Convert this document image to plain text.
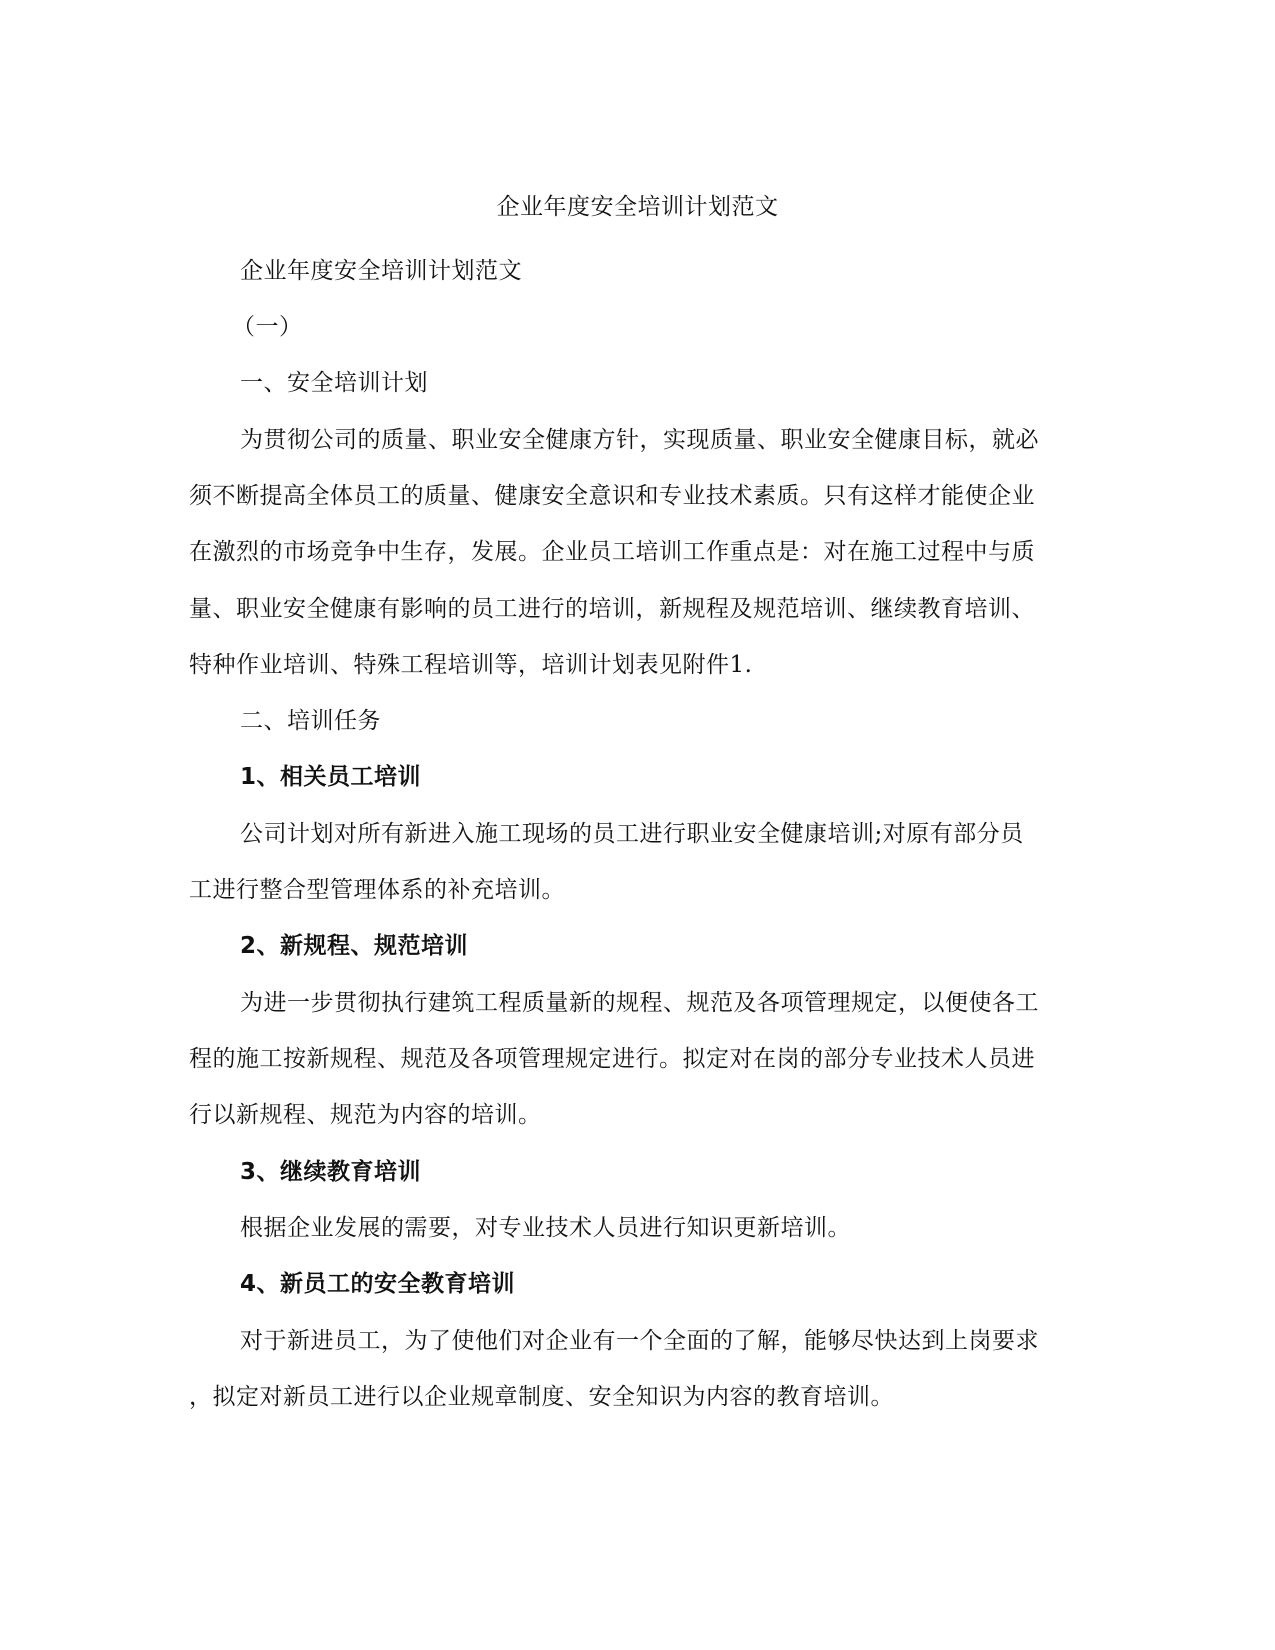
企业年度安全培训计划范文
企业年度安全培训计划范文
（一）
一、安全培训计划
为贯彻公司的质量、职业安全健康方针，实现质量、职业安全健康目标，就必
须不断提高全体员工的质量、健康安全意识和专业技术素质。只有这样才能使企业
在激烈的市场竞争中生存，发展。企业员工培训工作重点是：对在施工过程中与质
量、职业安全健康有影响的员工进行的培训，新规程及规范培训、继续教育培训、
特种作业培训、特殊工程培训等，培训计划表见附件1.
二、培训任务
1、相关员工培训
公司计划对所有新进入施工现场的员工进行职业安全健康培训;对原有部分员
工进行整合型管理体系的补充培训。
2、新规程、规范培训
为进一步贯彻执行建筑工程质量新的规程、规范及各项管理规定，以便使各工
程的施工按新规程、规范及各项管理规定进行。拟定对在岗的部分专业技术人员进
行以新规程、规范为内容的培训。
3、继续教育培训
根据企业发展的需要，对专业技术人员进行知识更新培训。
4、新员工的安全教育培训
对于新进员工，为了使他们对企业有一个全面的了解，能够尽快达到上岗要求
，拟定对新员工进行以企业规章制度、安全知识为内容的教育培训。
